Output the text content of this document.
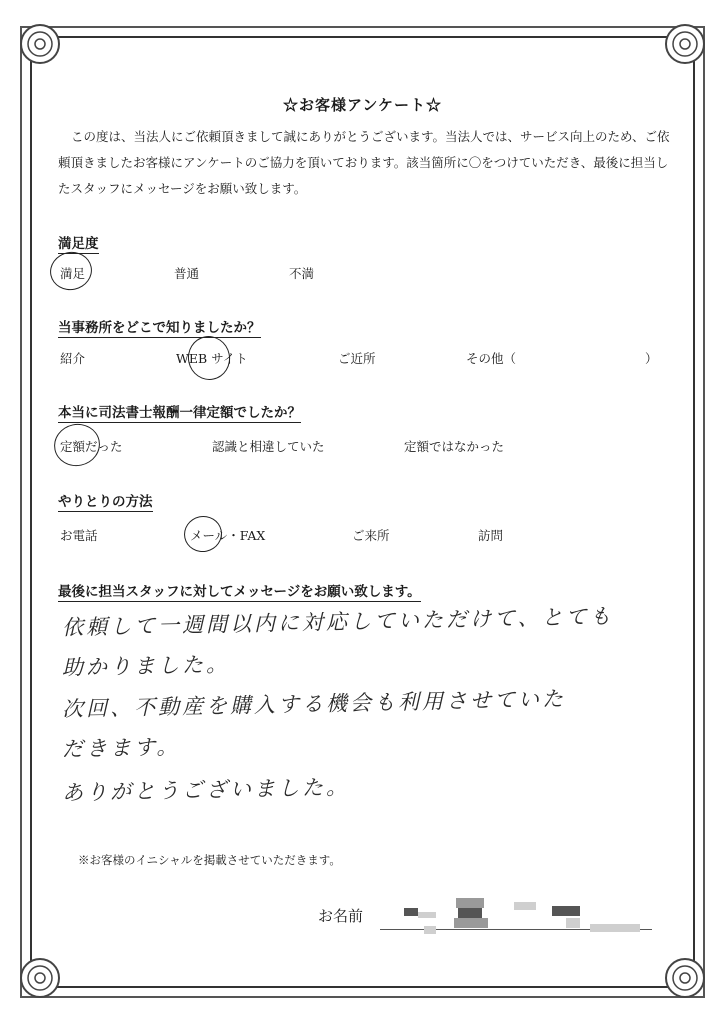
☆お客様アンケート☆
この度は、当法人にご依頼頂きまして誠にありがとうございます。当法人では、サービス向上のため、ご依頼頂きましたお客様にアンケートのご協力を頂いております。該当箇所に〇をつけていただき、最後に担当したスタッフにメッセージをお願い致します。
満足度
満足	普通	不満
当事務所をどこで知りましたか？
紹介	WEB サイト	ご近所	その他（	）
本当に司法書士報酬一律定額でしたか？
定額だった	認識と相違していた	定額ではなかった
やりとりの方法
お電話	メール・FAX	ご来所	訪問
最後に担当スタッフに対してメッセージをお願い致します。
依頼して一週間以内に対応していただけて、とても
助かりました。
次回、不動産を購入する機会も利用させていた
だきます。
ありがとうございました。
※お客様のイニシャルを掲載させていただきます。
お名前
